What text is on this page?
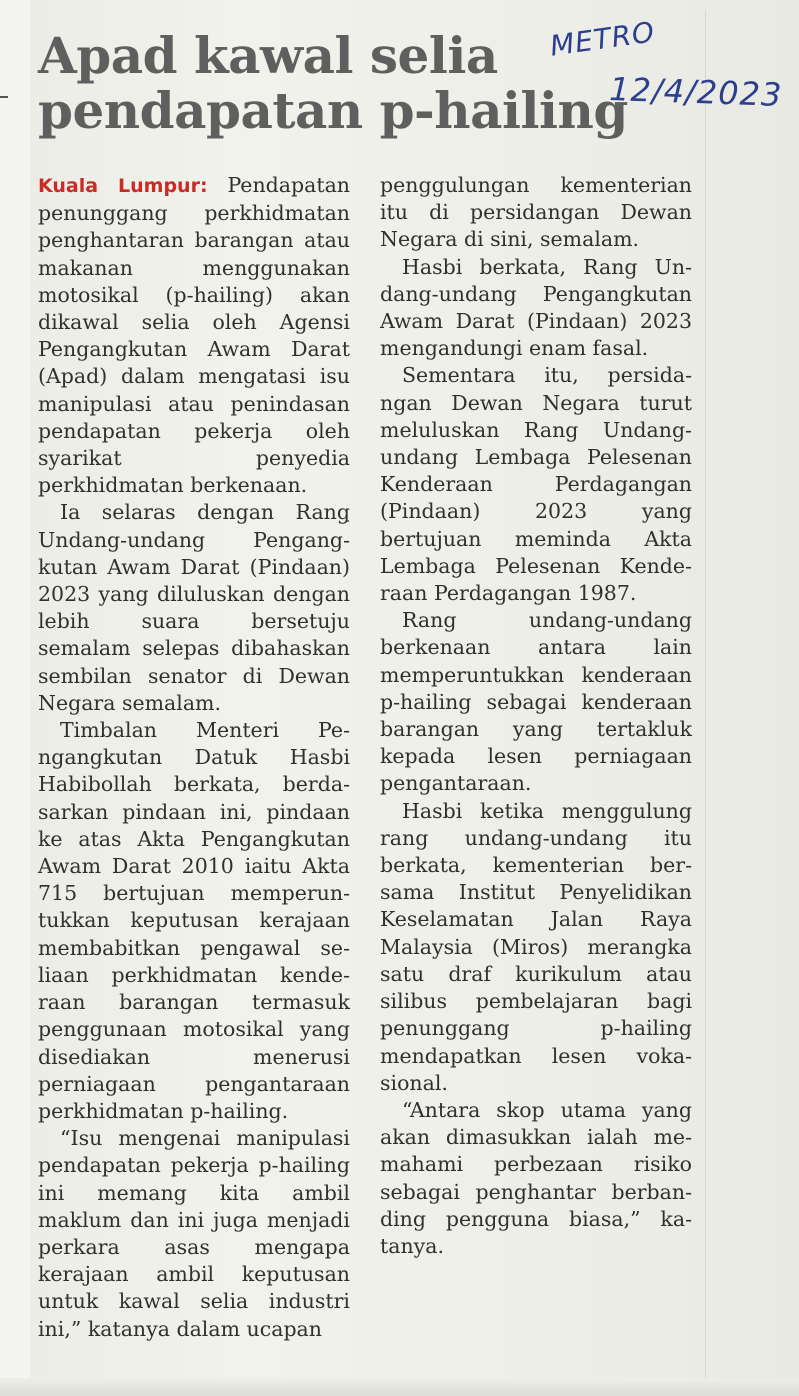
Apad kawal selia
pendapatan p-hailing
METRO
12/4/2023

Kuala Lumpur: Pendapatan penunggang perkhidmatan penghantaran barangan atau makanan menggunakan motosikal (p-hailing) akan dikawal selia oleh Agensi Pengangkutan Awam Darat (Apad) dalam mengatasi isu manipulasi atau penindasan pendapatan pekerja oleh syarikat penyedia perkhidmatan berkenaan.

Ia selaras dengan Rang Undang-undang Pengangkutan Awam Darat (Pindaan) 2023 yang diluluskan dengan lebih suara bersetuju semalam selepas dibahaskan sembilan senator di Dewan Negara semalam.

Timbalan Menteri Pengangkutan Datuk Hasbi Habibollah berkata, berdasarkan pindaan ini, pindaan ke atas Akta Pengangkutan Awam Darat 2010 iaitu Akta 715 bertujuan memperuntukkan keputusan kerajaan membabitkan pengawal seliaan perkhidmatan kenderaan barangan termasuk penggunaan motosikal yang disediakan menerusi perniagaan pengantaraan perkhidmatan p-hailing.

“Isu mengenai manipulasi pendapatan pekerja p-hailing ini memang kita ambil maklum dan ini juga menjadi perkara asas mengapa kerajaan ambil keputusan untuk kawal selia industri ini,” katanya dalam ucapan

penggulungan kementerian itu di persidangan Dewan Negara di sini, semalam.

Hasbi berkata, Rang Undang-undang Pengangkutan Awam Darat (Pindaan) 2023 mengandungi enam fasal.

Sementara itu, persidangan Dewan Negara turut meluluskan Rang Undang-undang Lembaga Pelesenan Kenderaan Perdagangan (Pindaan) 2023 yang bertujuan meminda Akta Lembaga Pelesenan Kenderaan Perdagangan 1987.

Rang undang-undang berkenaan antara lain memperuntukkan kenderaan p-hailing sebagai kenderaan barangan yang tertakluk kepada lesen perniagaan pengantaraan.

Hasbi ketika menggulung rang undang-undang itu berkata, kementerian bersama Institut Penyelidikan Keselamatan Jalan Raya Malaysia (Miros) merangka satu draf kurikulum atau silibus pembelajaran bagi penunggang p-hailing mendapatkan lesen vokasional.

“Antara skop utama yang akan dimasukkan ialah memahami perbezaan risiko sebagai penghantar berbanding pengguna biasa,” katanya.
